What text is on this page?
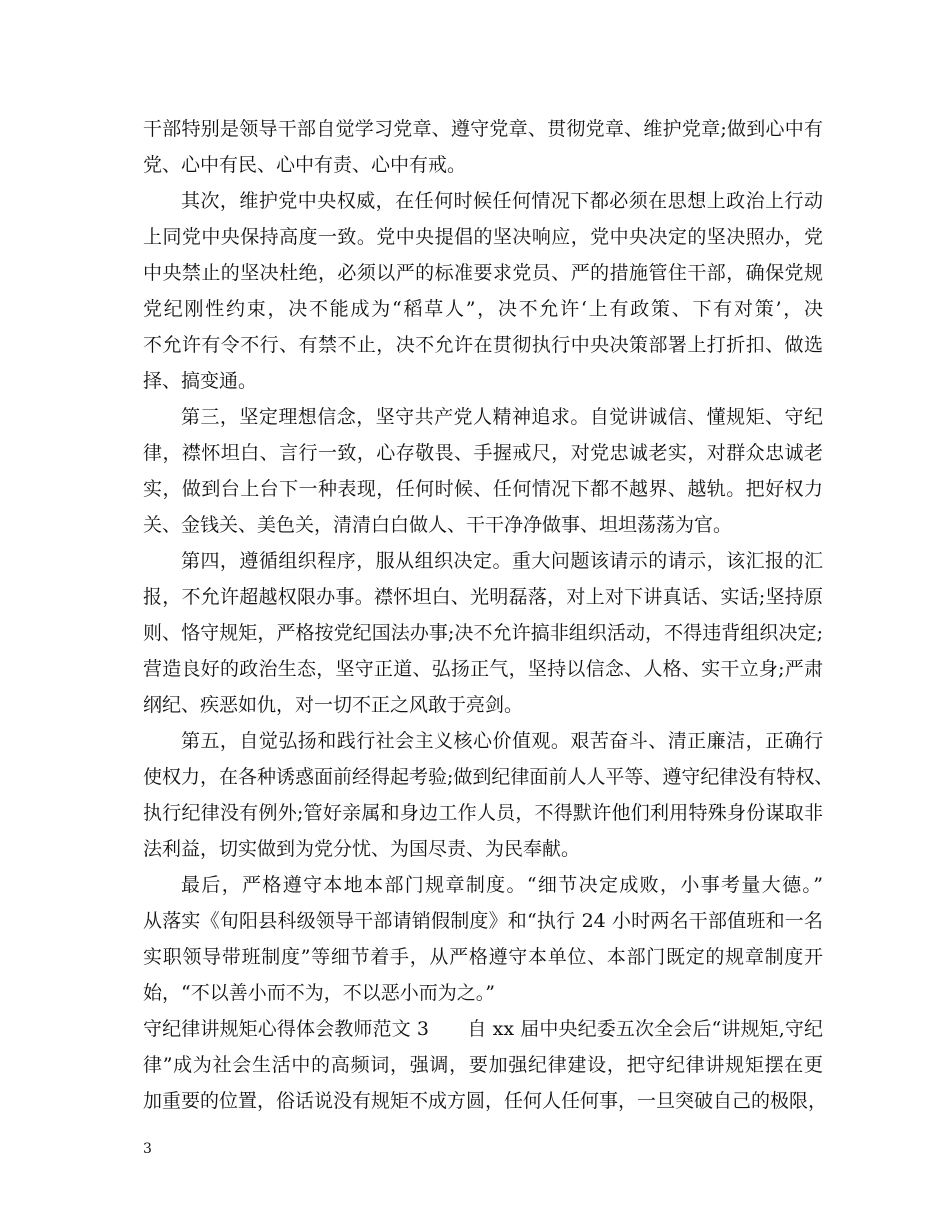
干部特别是领导干部自觉学习党章、遵守党章、贯彻党章、维护党章;做到心中有
党、心中有民、心中有责、心中有戒。
其次，维护党中央权威，在任何时候任何情况下都必须在思想上政治上行动
上同党中央保持高度一致。党中央提倡的坚决响应，党中央决定的坚决照办，党
中央禁止的坚决杜绝，必须以严的标准要求党员、严的措施管住干部，确保党规
党纪刚性约束，决不能成为“稻草人”，决不允许‘上有政策、下有对策’，决
不允许有令不行、有禁不止，决不允许在贯彻执行中央决策部署上打折扣、做选
择、搞变通。
第三，坚定理想信念，坚守共产党人精神追求。自觉讲诚信、懂规矩、守纪
律，襟怀坦白、言行一致，心存敬畏、手握戒尺，对党忠诚老实，对群众忠诚老
实，做到台上台下一种表现，任何时候、任何情况下都不越界、越轨。把好权力
关、金钱关、美色关，清清白白做人、干干净净做事、坦坦荡荡为官。
第四，遵循组织程序，服从组织决定。重大问题该请示的请示，该汇报的汇
报，不允许超越权限办事。襟怀坦白、光明磊落，对上对下讲真话、实话;坚持原
则、恪守规矩，严格按党纪国法办事;决不允许搞非组织活动，不得违背组织决定;
营造良好的政治生态，坚守正道、弘扬正气，坚持以信念、人格、实干立身;严肃
纲纪、疾恶如仇，对一切不正之风敢于亮剑。
第五，自觉弘扬和践行社会主义核心价值观。艰苦奋斗、清正廉洁，正确行
使权力，在各种诱惑面前经得起考验;做到纪律面前人人平等、遵守纪律没有特权、
执行纪律没有例外;管好亲属和身边工作人员，不得默许他们利用特殊身份谋取非
法利益，切实做到为党分忧、为国尽责、为民奉献。
最后，严格遵守本地本部门规章制度。“细节决定成败，小事考量大德。”
从落实《旬阳县科级领导干部请销假制度》和“执行 24 小时两名干部值班和一名
实职领导带班制度”等细节着手，从严格遵守本单位、本部门既定的规章制度开
始，“不以善小而不为，不以恶小而为之。”
守纪律讲规矩心得体会教师范文 3　　自 xx 届中央纪委五次全会后“讲规矩,守纪
律”成为社会生活中的高频词，强调，要加强纪律建设，把守纪律讲规矩摆在更
加重要的位置，俗话说没有规矩不成方圆，任何人任何事，一旦突破自己的极限，
3
